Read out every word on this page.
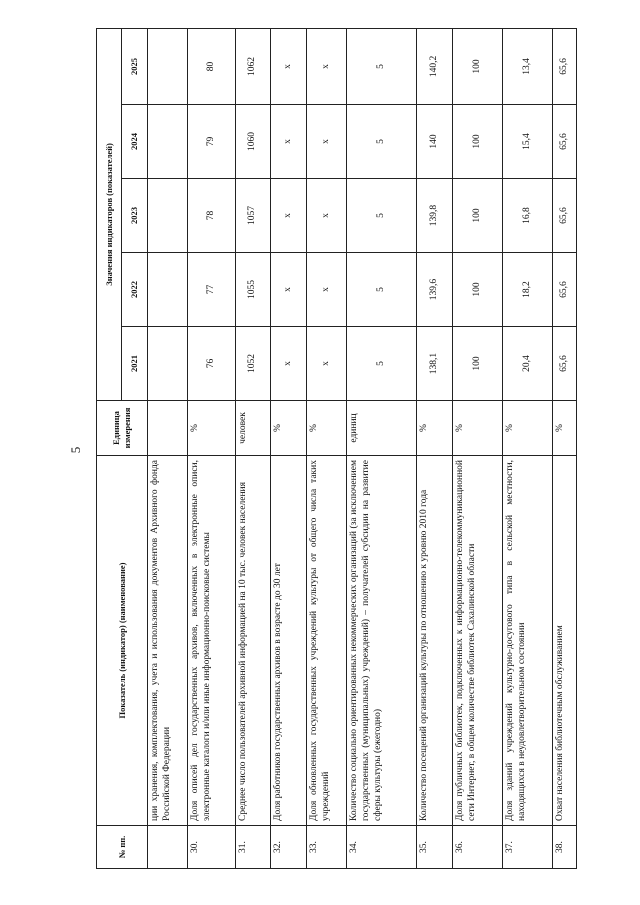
5
№ пп.	Показатель (индикатор) (наименование)	Единица измерения	Значения индикаторов (показателей)				
			2021	2022	2023	2024	2025
	ции хранения, комплектования, учета и использования документов Архивного фонда Российской Федерации						
30.	Доля описей дел государственных архивов, включенных в электронные описи, электронные каталоги и/или иные информационно-поисковые системы	%	76	77	78	79	80
31.	Среднее число пользователей архивной информацией на 10 тыс. человек населения	человек	1052	1055	1057	1060	1062
32.	Доля работников государственных архивов в возрасте до 30 лет	%	x	x	x	x	x
33.	Доля обновленных государственных учреждений культуры от общего числа таких учреждений	%	x	x	x	x	x
34.	Количество социально ориентированных некоммерческих организаций (за исключением государственных (муниципальных) учреждений) – получателей субсидии на развитие сферы культуры (ежегодно)	единиц	5	5	5	5	5
35.	Количество посещений организаций культуры по отношению к уровню 2010 года	%	138,1	139,6	139,8	140	140,2
36.	Доля публичных библиотек, подключенных к информационно-телекоммуникационной сети Интернет, в общем количестве библиотек Сахалинской области	%	100	100	100	100	100
37.	Доля зданий учреждений культурно-досугового типа в сельской местности, находящихся в неудовлетворительном состоянии	%	20,4	18,2	16,8	15,4	13,4
38.	Охват населения библиотечным обслуживанием	%	65,6	65,6	65,6	65,6	65,6
